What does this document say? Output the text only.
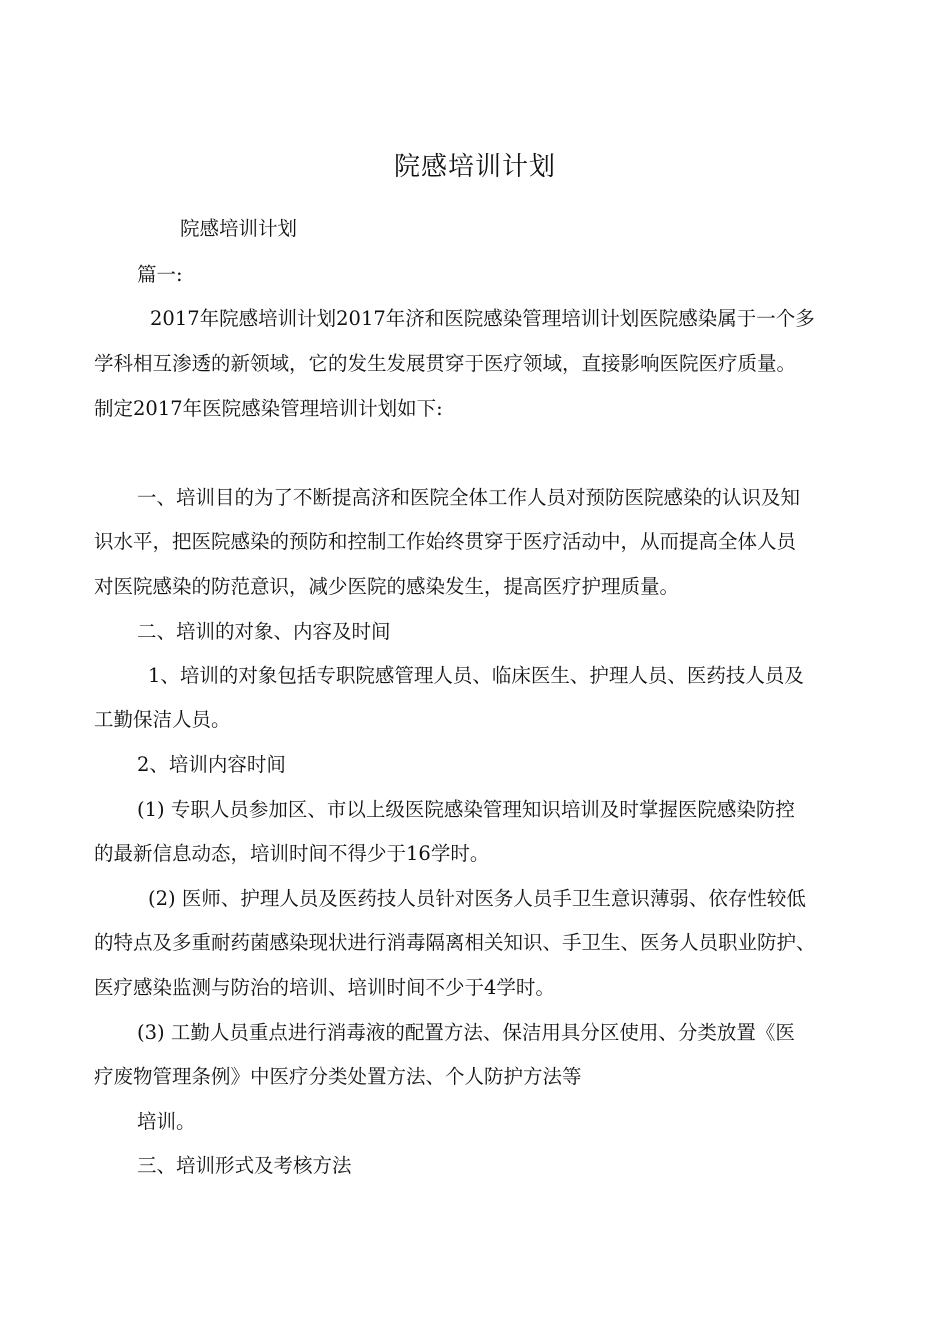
院感培训计划
院感培训计划
篇一:
2017年院感培训计划2017年济和医院感染管理培训计划医院感染属于一个多
学科相互渗透的新领域，它的发生发展贯穿于医疗领域，直接影响医院医疗质量。
制定2017年医院感染管理培训计划如下:
一、培训目的为了不断提高济和医院全体工作人员对预防医院感染的认识及知
识水平，把医院感染的预防和控制工作始终贯穿于医疗活动中，从而提高全体人员
对医院感染的防范意识，减少医院的感染发生，提高医疗护理质量。
二、培训的对象、内容及时间
1、培训的对象包括专职院感管理人员、临床医生、护理人员、医药技人员及
工勤保洁人员。
2、培训内容时间
(1) 专职人员参加区、市以上级医院感染管理知识培训及时掌握医院感染防控
的最新信息动态，培训时间不得少于16学时。
(2) 医师、护理人员及医药技人员针对医务人员手卫生意识薄弱、依存性较低
的特点及多重耐药菌感染现状进行消毒隔离相关知识、手卫生、医务人员职业防护、
医疗感染监测与防治的培训、培训时间不少于4学时。
(3) 工勤人员重点进行消毒液的配置方法、保洁用具分区使用、分类放置《医
疗废物管理条例》中医疗分类处置方法、个人防护方法等
培训。
三、培训形式及考核方法
